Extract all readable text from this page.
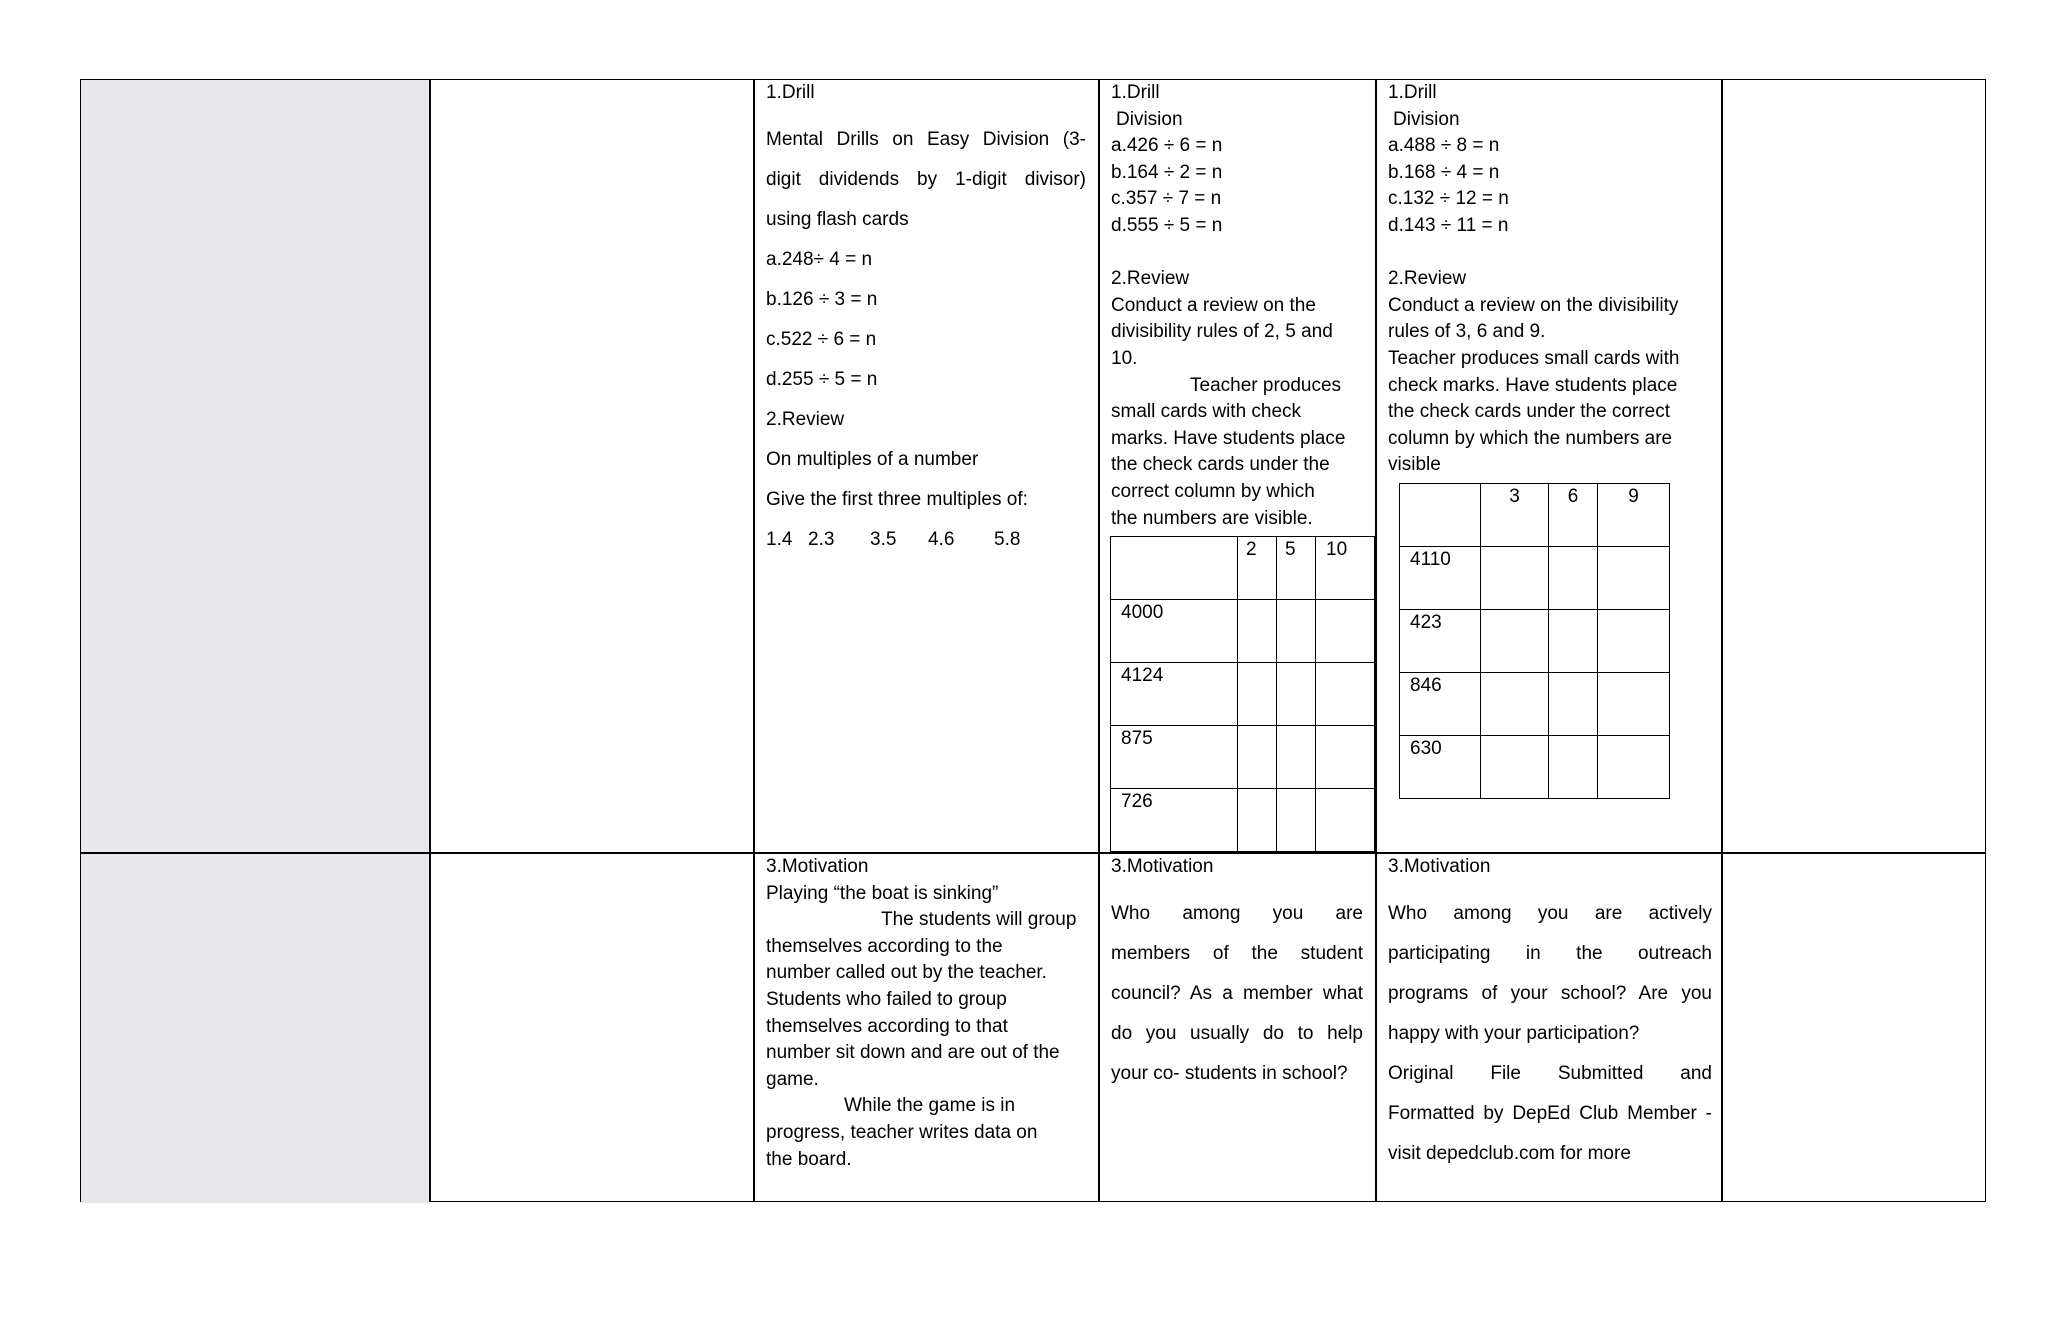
1.Drill
Mental Drills on Easy Division (3-
digit dividends by 1-digit divisor)
using flash cards
a.248÷ 4 = n
b.126 ÷ 3 = n
c.522 ÷ 6 = n
d.255 ÷ 5 = n
2.Review
On multiples of a number
Give the first three multiples of:
1.4 2.3 3.5 4.6 5.8
1.Drill
Division
a.426 ÷ 6 = n
b.164 ÷ 2 = n
c.357 ÷ 7 = n
d.555 ÷ 5 = n

2.Review
Conduct a review on the
divisibility rules of 2, 5 and
10.
Teacher produces
small cards with check
marks. Have students place
the check cards under the
correct column by which
the numbers are visible.
	2	5	10
4000			
4124			
875			
726			
1.Drill
Division
a.488 ÷ 8 = n
b.168 ÷ 4 = n
c.132 ÷ 12 = n
d.143 ÷ 11 = n

2.Review
Conduct a review on the divisibility
rules of 3, 6 and 9.
Teacher produces small cards with
check marks. Have students place
the check cards under the correct
column by which the numbers are
visible
	3	6	9
4110			
423			
846			
630			
3.Motivation
Playing “the boat is sinking”
The students will group
themselves according to the
number called out by the teacher.
Students who failed to group
themselves according to that
number sit down and are out of the
game.
While the game is in
progress, teacher writes data on
the board.
3.Motivation
Who among you are
members of the student
council? As a member what
do you usually do to help
your co- students in school?
3.Motivation
Who among you are actively
participating in the outreach
programs of your school? Are you
happy with your participation?
Original File Submitted and
Formatted by DepEd Club Member -
visit depedclub.com for more
